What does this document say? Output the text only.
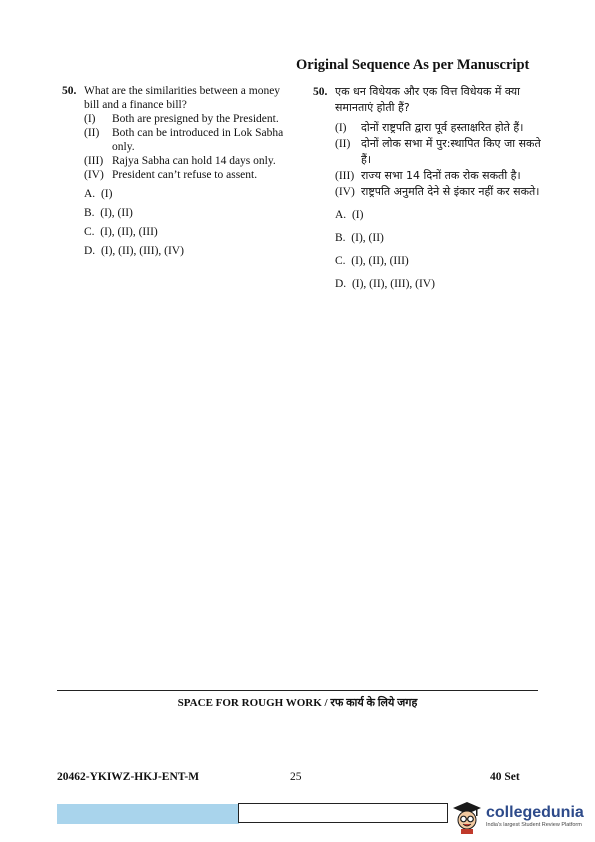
Original Sequence As per Manuscript
50. What are the similarities between a money bill and a finance bill?
(I)	Both are presigned by the President.
(II)	Both can be introduced in Lok Sabha only.
(III) Rajya Sabha can hold 14 days only.
(IV) President can’t refuse to assent.
A. (I)
B. (I), (II)
C. (I), (II), (III)
D. (I), (II), (III), (IV)
50. एक धन विधेयक और एक वित्त विधेयक में क्या समानताएं होती हैं?
(I)	दोनों राष्ट्रपति द्वारा पूर्व हस्ताक्षरित होते हैं।
(II) दोनों लोक सभा में पुर:स्थापित किए जा सकते हैं।
(III) राज्य सभा 14 दिनों तक रोक सकती है।
(IV) राष्ट्रपति अनुमति देने से इंकार नहीं कर सकते।
A. (I)
B. (I), (II)
C. (I), (II), (III)
D. (I), (II), (III), (IV)
SPACE FOR ROUGH WORK / रफ कार्य के लिये जगह
20462-YKIWZ-HKJ-ENT-M	25	40 Set
collegedunia
India's largest Student Review Platform
